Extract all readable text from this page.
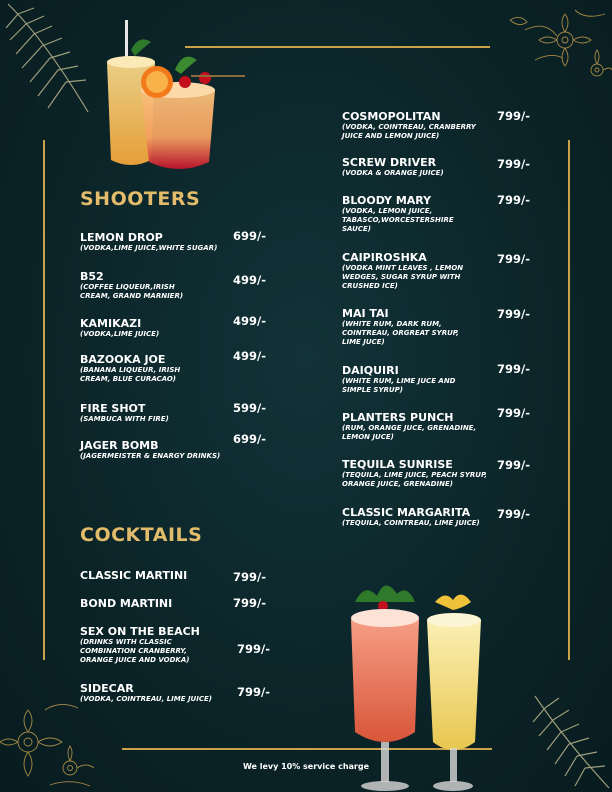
SHOOTERS
LEMON DROP
(VODKA,LIME JUICE,WHITE SUGAR)
699/-
B52
(COFFEE LIQUEUR,IRISH CREAM, GRAND MARNIER)
499/-
KAMIKAZI
(VODKA,LIME JUICE)
499/-
BAZOOKA JOE
(BANANA LIQUEUR, IRISH CREAM, BLUE CURACAO)
499/-
FIRE SHOT
(SAMBUCA WITH FIRE)
599/-
JAGER BOMB
(JAGERMEISTER & ENARGY DRINKS)
699/-
COCKTAILS
CLASSIC MARTINI	799/-
BOND MARTINI	799/-
SEX ON THE BEACH
(DRINKS WITH CLASSIC COMBINATION CRANBERRY, ORANGE JUICE AND VODKA)
799/-
SIDECAR
(VODKA, COINTREAU, LIME JUICE)	799/-
COSMOPOLITAN
(VODKA, COINTREAU, CRANBERRY JUICE AND LEMON JUICE)
799/-
SCREW DRIVER
(VODKA & ORANGE JUICE)
799/-
BLOODY MARY
(VODKA, LEMON JUICE, TABASCO,WORCESTERSHIRE SAUCE)
799/-
CAIPIROSHKA
(VODKA MINT LEAVES , LEMON WEDGES, SUGAR SYRUP WITH CRUSHED ICE)
799/-
MAI TAI
(WHITE RUM, DARK RUM, COINTREAU, ORGREAT SYRUP, LIME JUCE)
799/-
DAIQUIRI
(WHITE RUM, LIME JUCE AND SIMPLE SYRUP)
799/-
PLANTERS PUNCH
(RUM, ORANGE JUCE, GRENADINE, LEMON JUCE)
799/-
TEQUILA SUNRISE
(TEQUILA, LIME JUICE, PEACH SYRUP, ORANGE JUICE, GRENADINE)
799/-
CLASSIC MARGARITA
(TEQUILA, COINTREAU, LIME JUICE)
799/-
We levy 10% service charge
